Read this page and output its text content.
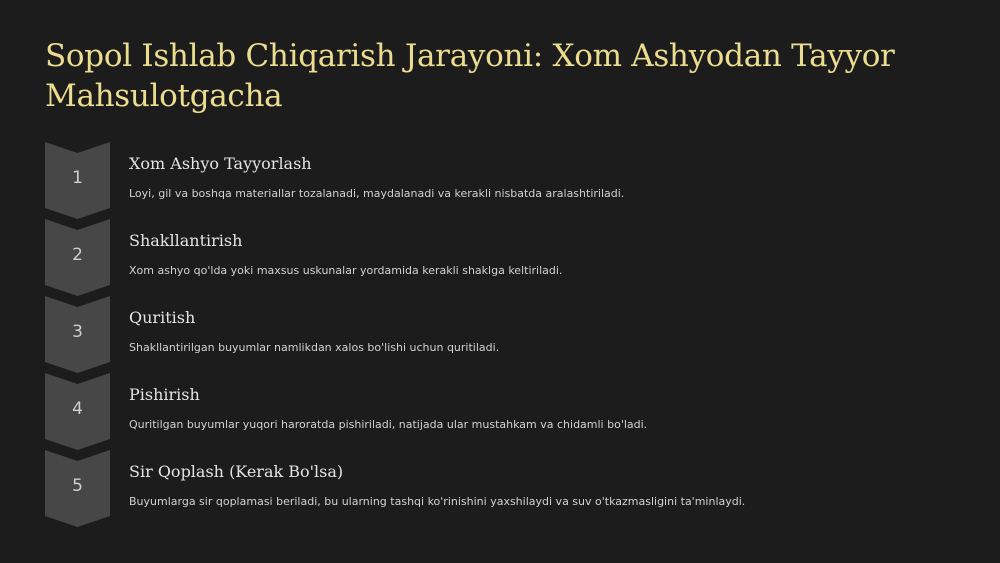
Sopol Ishlab Chiqarish Jarayoni: Xom Ashyodan Tayyor Mahsulotgacha
1
Xom Ashyo Tayyorlash
Loyi, gil va boshqa materiallar tozalanadi, maydalanadi va kerakli nisbatda aralashtiriladi.
2
Shakllantirish
Xom ashyo qo'lda yoki maxsus uskunalar yordamida kerakli shaklga keltiriladi.
3
Quritish
Shakllantirilgan buyumlar namlikdan xalos bo'lishi uchun quritiladi.
4
Pishirish
Quritilgan buyumlar yuqori haroratda pishiriladi, natijada ular mustahkam va chidamli bo'ladi.
5
Sir Qoplash (Kerak Bo'lsa)
Buyumlarga sir qoplamasi beriladi, bu ularning tashqi ko'rinishini yaxshilaydi va suv o'tkazmasligini ta'minlaydi.
